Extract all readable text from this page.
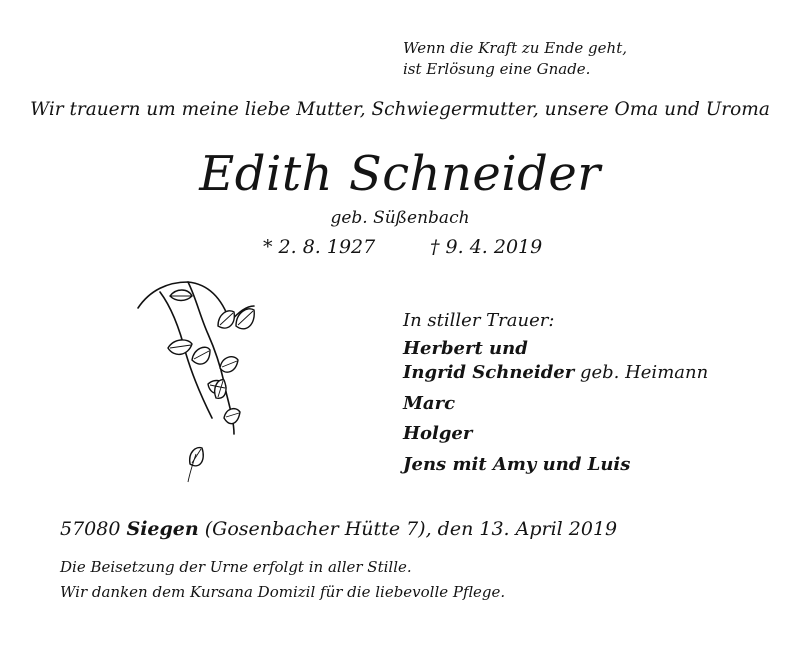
Wenn die Kraft zu Ende geht,
ist Erlösung eine Gnade.
Wir trauern um meine liebe Mutter, Schwiegermutter, unsere Oma und Uroma
Edith Schneider
geb. Süßenbach
* 2. 8. 1927	† 9. 4. 2019
In stiller Trauer:
Herbert und
Ingrid Schneider geb. Heimann
Marc
Holger
Jens mit Amy und Luis
57080 Siegen (Gosenbacher Hütte 7), den 13. April 2019
Die Beisetzung der Urne erfolgt in aller Stille.
Wir danken dem Kursana Domizil für die liebevolle Pflege.
